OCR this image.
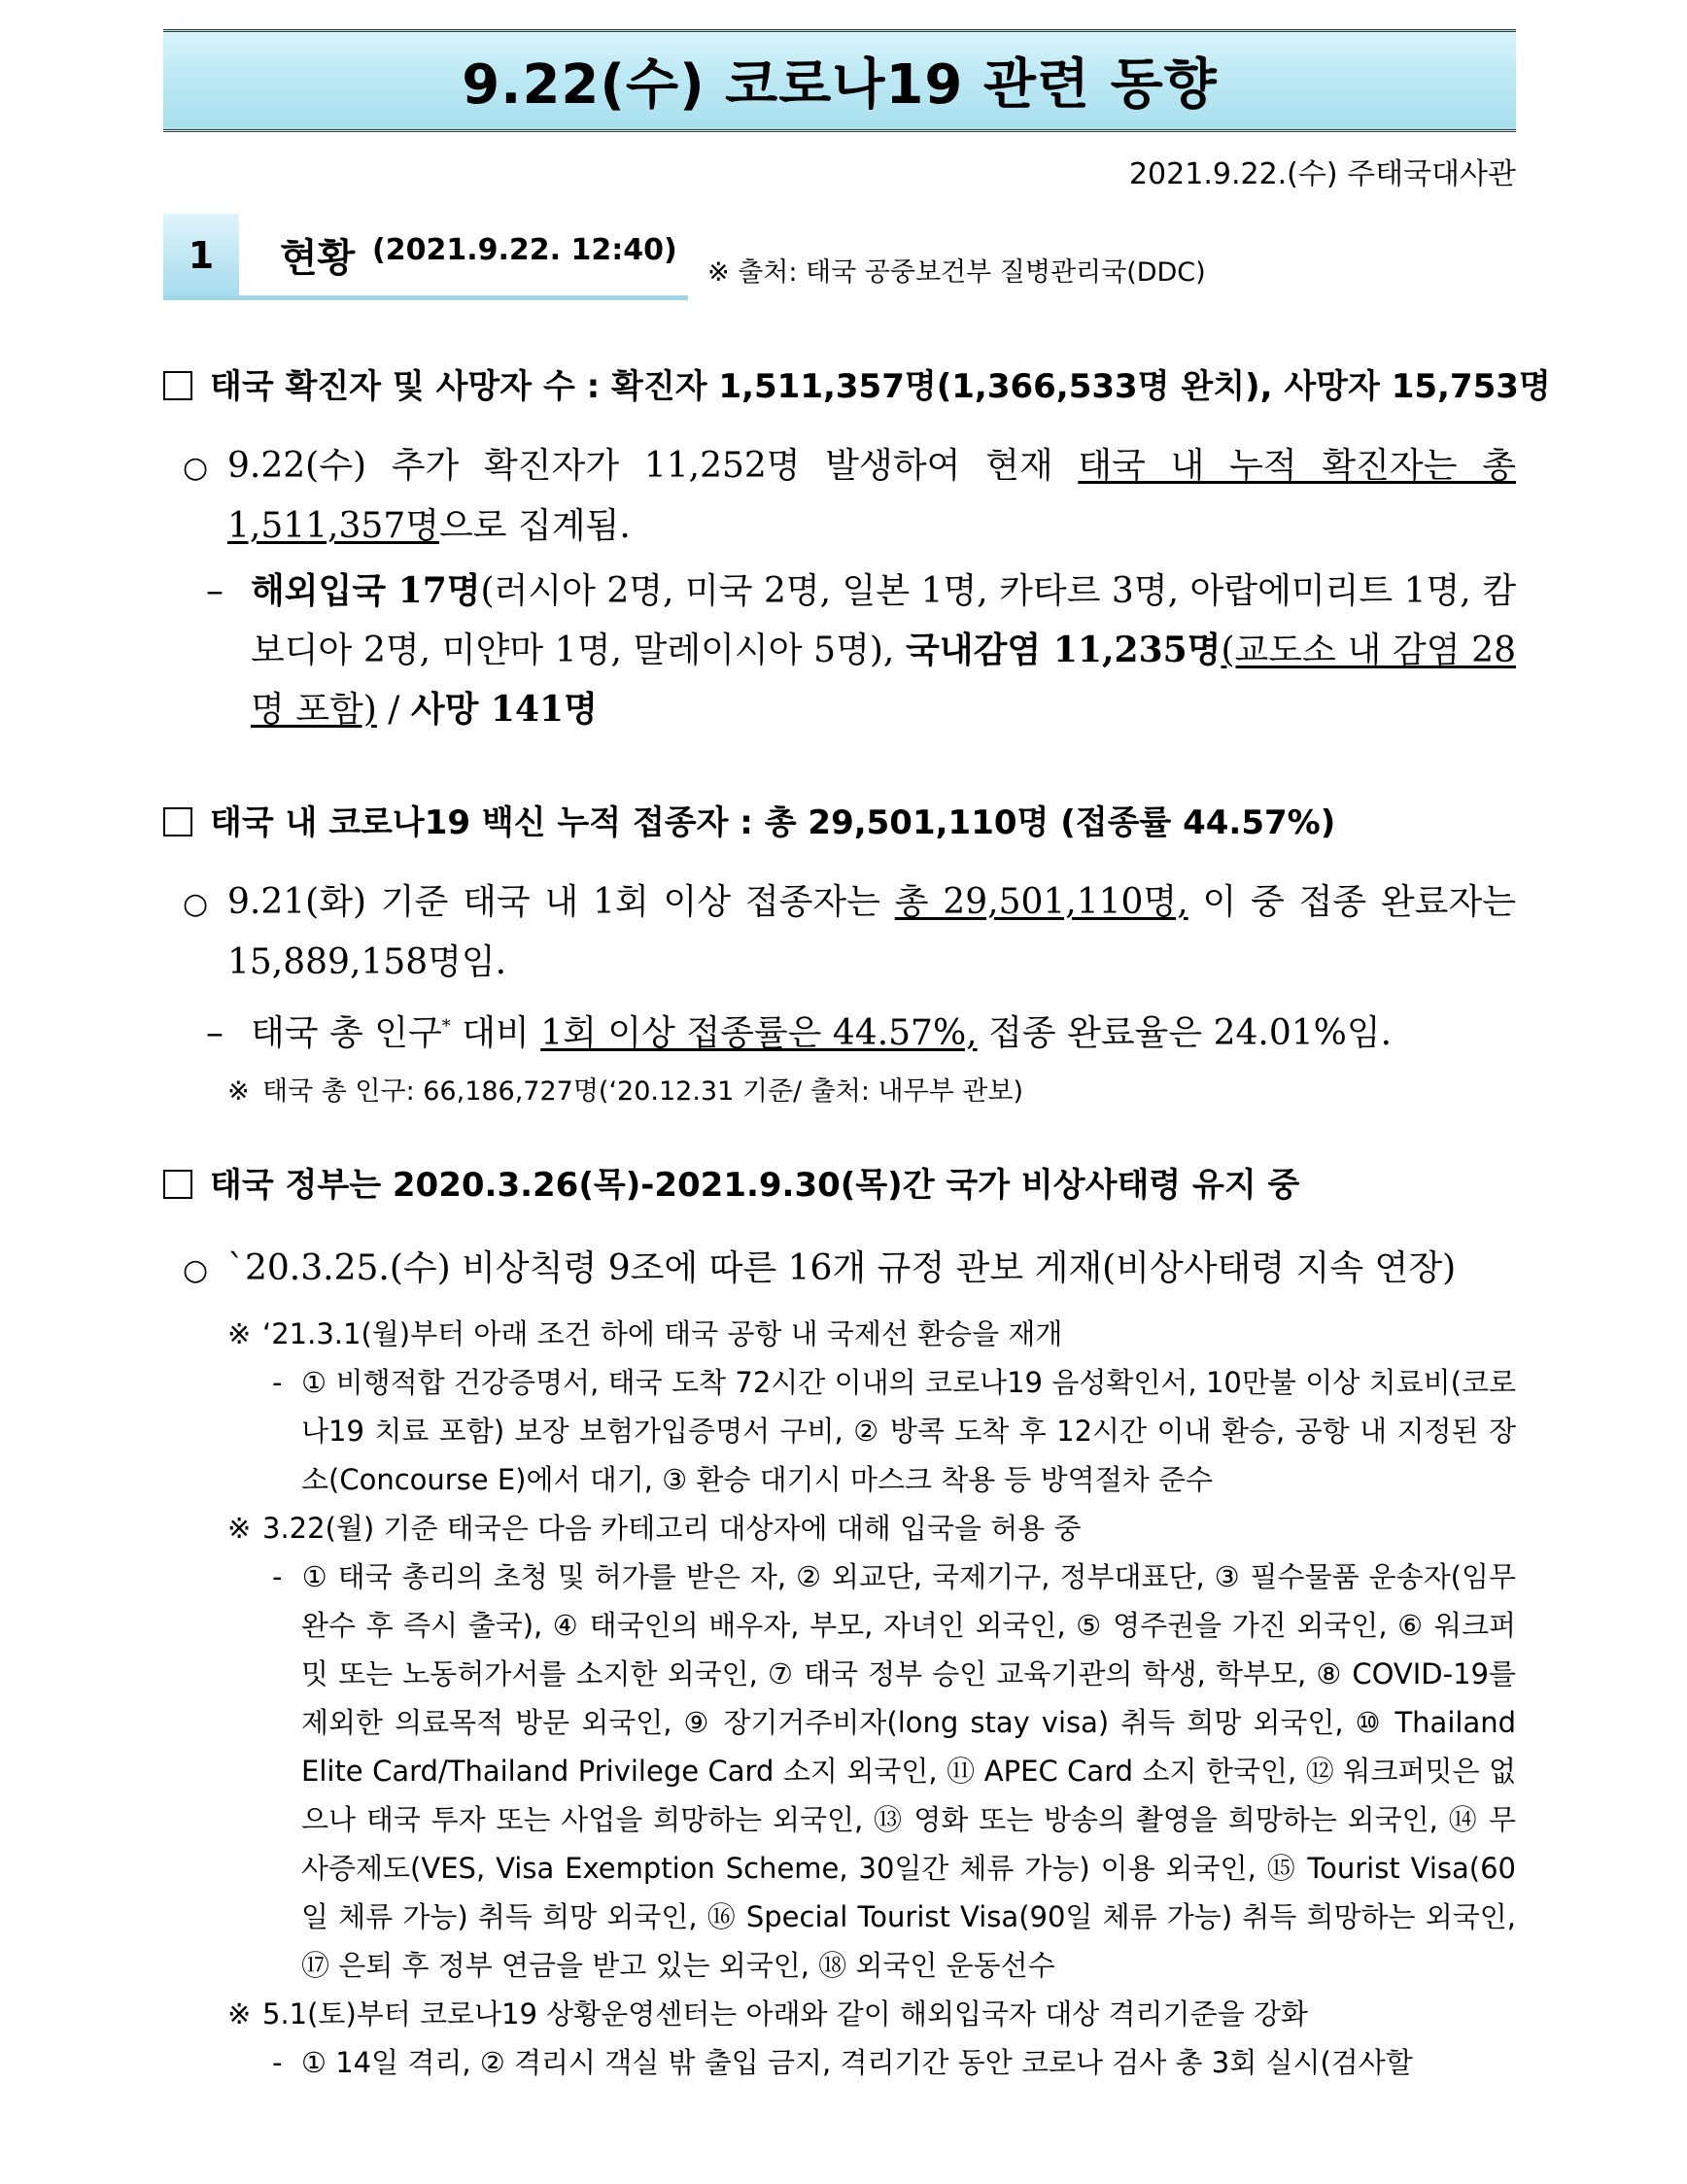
9.22(수) 코로나19 관련 동향
2021.9.22.(수) 주태국대사관
1	현황 (2021.9.22. 12:40)
※ 출처: 태국 공중보건부 질병관리국(DDC)
태국 확진자 및 사망자 수 : 확진자 1,511,357명(1,366,533명 완치), 사망자 15,753명
○ 9.22(수) 추가 확진자가 11,252명 발생하여 현재 태국 내 누적 확진자는 총 1,511,357명으로 집계됨.
– 해외입국 17명(러시아 2명, 미국 2명, 일본 1명, 카타르 3명, 아랍에미리트 1명, 캄보디아 2명, 미얀마 1명, 말레이시아 5명), 국내감염 11,235명(교도소 내 감염 28명 포함) / 사망 141명
태국 내 코로나19 백신 누적 접종자 : 총 29,501,110명 (접종률 44.57%)
○ 9.21(화) 기준 태국 내 1회 이상 접종자는 총 29,501,110명, 이 중 접종 완료자는 15,889,158명임.
– 태국 총 인구* 대비 1회 이상 접종률은 44.57%, 접종 완료율은 24.01%임.
※ 태국 총 인구: 66,186,727명(‘20.12.31 기준/ 출처: 내무부 관보)
태국 정부는 2020.3.26(목)-2021.9.30(목)간 국가 비상사태령 유지 중
○ `20.3.25.(수) 비상칙령 9조에 따른 16개 규정 관보 게재(비상사태령 지속 연장)
※ ‘21.3.1(월)부터 아래 조건 하에 태국 공항 내 국제선 환승을 재개
- ① 비행적합 건강증명서, 태국 도착 72시간 이내의 코로나19 음성확인서, 10만불 이상 치료비(코로나19 치료 포함) 보장 보험가입증명서 구비, ② 방콕 도착 후 12시간 이내 환승, 공항 내 지정된 장소(Concourse E)에서 대기, ③ 환승 대기시 마스크 착용 등 방역절차 준수
※ 3.22(월) 기준 태국은 다음 카테고리 대상자에 대해 입국을 허용 중
- ① 태국 총리의 초청 및 허가를 받은 자, ② 외교단, 국제기구, 정부대표단, ③ 필수물품 운송자(임무 완수 후 즉시 출국), ④ 태국인의 배우자, 부모, 자녀인 외국인, ⑤ 영주권을 가진 외국인, ⑥ 워크퍼밋 또는 노동허가서를 소지한 외국인, ⑦ 태국 정부 승인 교육기관의 학생, 학부모, ⑧ COVID-19를 제외한 의료목적 방문 외국인, ⑨ 장기거주비자(long stay visa) 취득 희망 외국인, ⑩ Thailand Elite Card/Thailand Privilege Card 소지 외국인, ⑪ APEC Card 소지 한국인, ⑫ 워크퍼밋은 없으나 태국 투자 또는 사업을 희망하는 외국인, ⑬ 영화 또는 방송의 촬영을 희망하는 외국인, ⑭ 무사증제도(VES, Visa Exemption Scheme, 30일간 체류 가능) 이용 외국인, ⑮ Tourist Visa(60일 체류 가능) 취득 희망 외국인, ⑯ Special Tourist Visa(90일 체류 가능) 취득 희망하는 외국인, ⑰ 은퇴 후 정부 연금을 받고 있는 외국인, ⑱ 외국인 운동선수
※ 5.1(토)부터 코로나19 상황운영센터는 아래와 같이 해외입국자 대상 격리기준을 강화
- ① 14일 격리, ② 격리시 객실 밖 출입 금지, 격리기간 동안 코로나 검사 총 3회 실시(검사할
